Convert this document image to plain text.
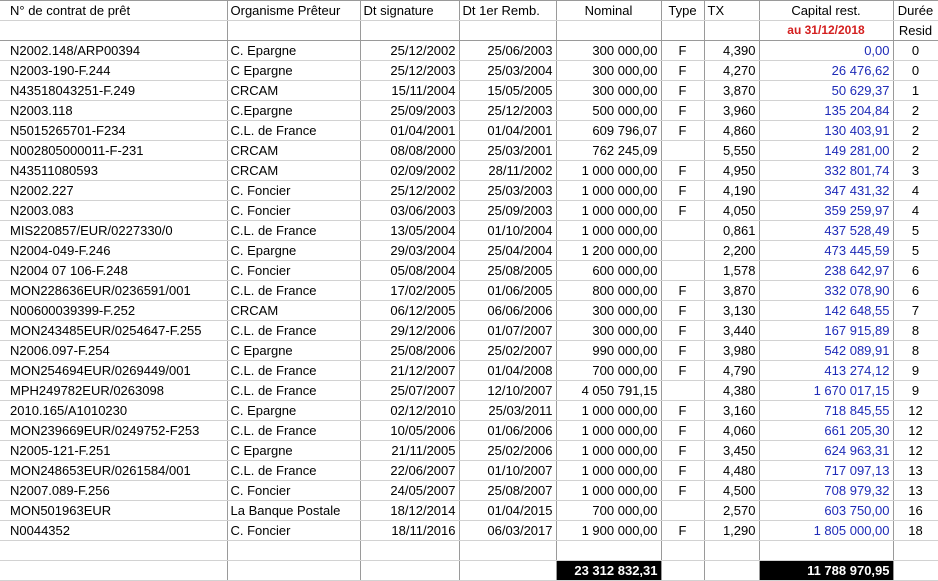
N° de contrat de prêt	Organisme Prêteur	Dt signature	Dt 1er Remb.	Nominal	Type	TX	Capital rest.	Durée

							au 31/12/2018	Resid
N2002.148/ARP00394	C. Epargne	25/12/2002	25/06/2003	300 000,00	F	4,390	0,00	0
N2003-190-F.244	C Epargne	25/12/2003	25/03/2004	300 000,00	F	4,270	26 476,62	0
N43518043251-F.249	CRCAM	15/11/2004	15/05/2005	300 000,00	F	3,870	50 629,37	1
N2003.118	C.Epargne	25/09/2003	25/12/2003	500 000,00	F	3,960	135 204,84	2
N5015265701-F234	C.L. de France	01/04/2001	01/04/2001	609 796,07	F	4,860	130 403,91	2
N002805000011-F-231	CRCAM	08/08/2000	25/03/2001	762 245,09		5,550	149 281,00	2
N43511080593	CRCAM	02/09/2002	28/11/2002	1 000 000,00	F	4,950	332 801,74	3
N2002.227	C. Foncier	25/12/2002	25/03/2003	1 000 000,00	F	4,190	347 431,32	4
N2003.083	C. Foncier	03/06/2003	25/09/2003	1 000 000,00	F	4,050	359 259,97	4
MIS220857/EUR/0227330/0	C.L. de France	13/05/2004	01/10/2004	1 000 000,00		0,861	437 528,49	5
N2004-049-F.246	C. Epargne	29/03/2004	25/04/2004	1 200 000,00		2,200	473 445,59	5
N2004 07 106-F.248	C. Foncier	05/08/2004	25/08/2005	600 000,00		1,578	238 642,97	6
MON228636EUR/0236591/001	C.L. de France	17/02/2005	01/06/2005	800 000,00	F	3,870	332 078,90	6
N00600039399-F.252	CRCAM	06/12/2005	06/06/2006	300 000,00	F	3,130	142 648,55	7
MON243485EUR/0254647-F.255	C.L. de France	29/12/2006	01/07/2007	300 000,00	F	3,440	167 915,89	8
N2006.097-F.254	C Epargne	25/08/2006	25/02/2007	990 000,00	F	3,980	542 089,91	8
MON254694EUR/0269449/001	C.L. de France	21/12/2007	01/04/2008	700 000,00	F	4,790	413 274,12	9
MPH249782EUR/0263098	C.L. de France	25/07/2007	12/10/2007	4 050 791,15		4,380	1 670 017,15	9
2010.165/A1010230	C. Epargne	02/12/2010	25/03/2011	1 000 000,00	F	3,160	718 845,55	12
MON239669EUR/0249752-F253	C.L. de France	10/05/2006	01/06/2006	1 000 000,00	F	4,060	661 205,30	12
N2005-121-F.251	C Epargne	21/11/2005	25/02/2006	1 000 000,00	F	3,450	624 963,31	12
MON248653EUR/0261584/001	C.L. de France	22/06/2007	01/10/2007	1 000 000,00	F	4,480	717 097,13	13
N2007.089-F.256	C. Foncier	24/05/2007	25/08/2007	1 000 000,00	F	4,500	708 979,32	13
MON501963EUR	La Banque Postale	18/12/2014	01/04/2015	700 000,00		2,570	603 750,00	16
N0044352	C. Foncier	18/11/2016	06/03/2017	1 900 000,00	F	1,290	1 805 000,00	18

				23 312 832,31			11 788 970,95	
